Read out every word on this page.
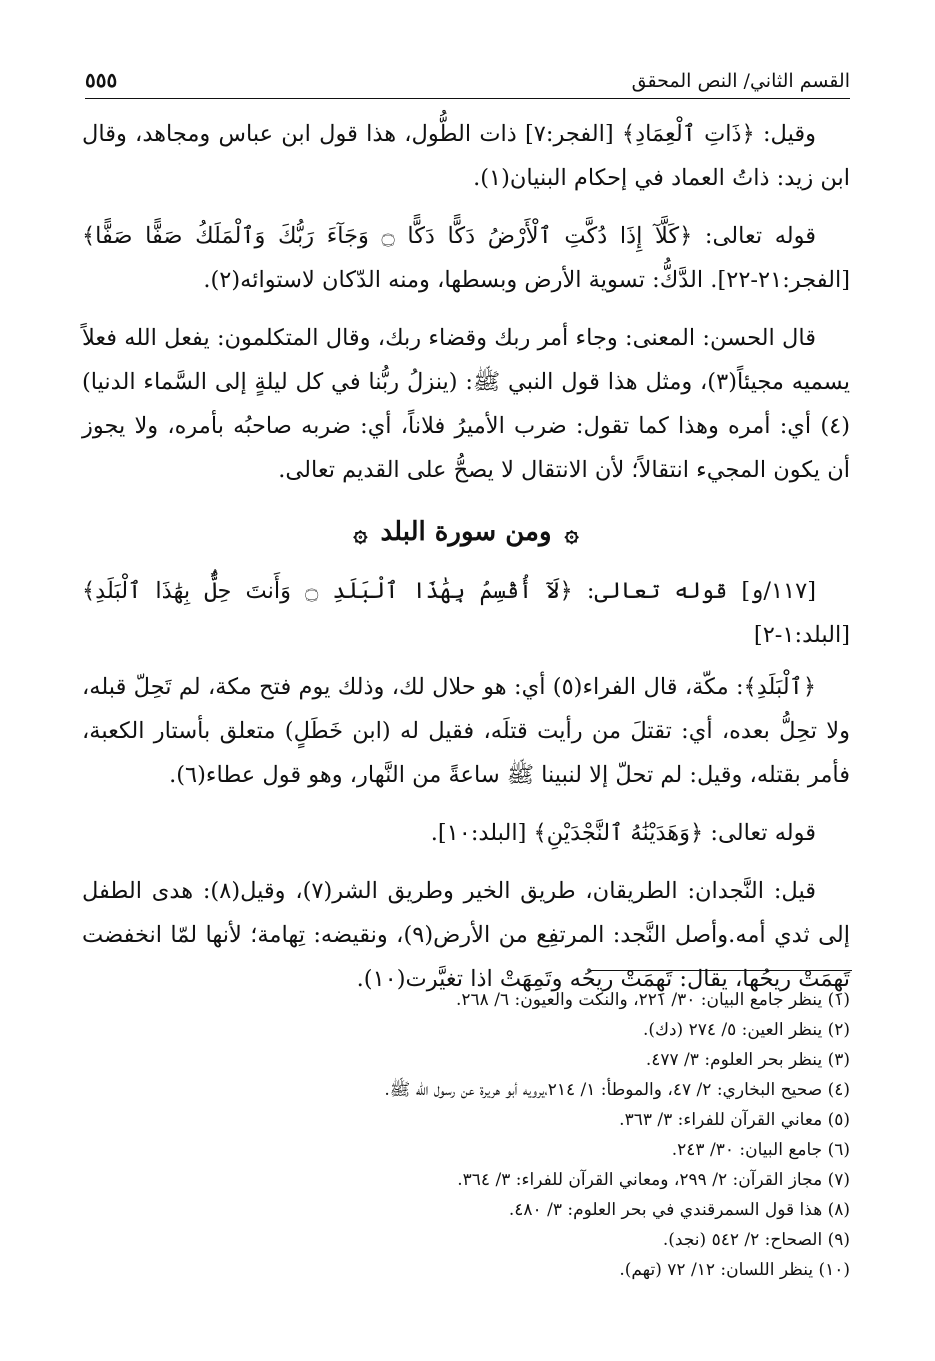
٥٥٥	القسم الثاني/ النص المحقق

وقيل: ﴿ذَاتِ ٱلْعِمَادِ﴾ [الفجر:٧] ذات الطُّول، هذا قول ابن عباس ومجاهد، وقال ابن زيد: ذاتُ العماد في إحكام البنيان(١).

قوله تعالى: ﴿كَلَّآ إِذَا دُكَّتِ ٱلْأَرْضُ دَكًّا دَكًّا ۝ وَجَآءَ رَبُّكَ وَٱلْمَلَكُ صَفًّا صَفًّا﴾ [الفجر:٢١-٢٢]. الدَّكُّ: تسوية الأرض وبسطها، ومنه الدّكان لاستوائه(٢).

قال الحسن: المعنى: وجاء أمر ربك وقضاء ربك، وقال المتكلمون: يفعل الله فعلاً يسميه مجيئاً(٣)، ومثل هذا قول النبي ﷺ: (ينزلُ ربُّنا في كل ليلةٍ إلى السَّماء الدنيا)(٤) أي: أمره وهذا كما تقول: ضرب الأميرُ فلاناً، أي: ضربه صاحبُه بأمره، ولا يجوز أن يكون المجيء انتقالاً؛ لأن الانتقال لا يصحُّ على القديم تعالى.

۞ ومن سورة البلد ۞

[١١٧/و] قوله تعالى: ﴿لَآ أُقْسِمُ بِهَٰذَا ٱلْبَلَدِ ۝ وَأَنتَ حِلٌّۢ بِهَٰذَا ٱلْبَلَدِ﴾ [البلد:١-٢]

﴿ٱلْبَلَدِ﴾: مكّة، قال الفراء(٥) أي: هو حلال لك، وذلك يوم فتح مكة، لم تَحِلّ قبله، ولا تحِلُّ بعده، أي: تقتلَ من رأيت قتلَه، فقيل له (ابن خَطَلٍ) متعلق بأستار الكعبة، فأمر بقتله، وقيل: لم تحلّ إلا لنبينا ﷺ ساعةً من النَّهار، وهو قول عطاء(٦).

قوله تعالى: ﴿وَهَدَيْنَٰهُ ٱلنَّجْدَيْنِ﴾ [البلد:١٠].

قيل: النَّجدان: الطريقان، طريق الخير وطريق الشر(٧)، وقيل(٨): هدى الطفل إلى ثدي أمه.وأصل النَّجد: المرتفِع من الأرض(٩)، ونقيضه: تِهامة؛ لأنها لمّا انخفضت تَهِمَتْ ريحُها، يقال: تَهِمَتْ ريحُه وتَمِهَتْ اذا تغيَّرت(١٠).

(١) ينظر جامع البيان: ٣٠/ ٢٢١، والنكت والعيون: ٦/ ٢٦٨.
(٢) ينظر العين: ٥/ ٢٧٤ (دك).
(٣) ينظر بحر العلوم: ٣/ ٤٧٧.
(٤) صحيح البخاري: ٢/ ٤٧، والموطأ: ١/ ٢١٤،يرويه أبو هريرة عن رسول الله ﷺ.
(٥) معاني القرآن للفراء: ٣/ ٣٦٣.
(٦) جامع البيان: ٣٠/ ٢٤٣.
(٧) مجاز القرآن: ٢/ ٢٩٩، ومعاني القرآن للفراء: ٣/ ٣٦٤.
(٨) هذا قول السمرقندي في بحر العلوم: ٣/ ٤٨٠.
(٩) الصحاح: ٢/ ٥٤٢ (نجد).
(١٠) ينظر اللسان: ١٢/ ٧٢ (تهم).
